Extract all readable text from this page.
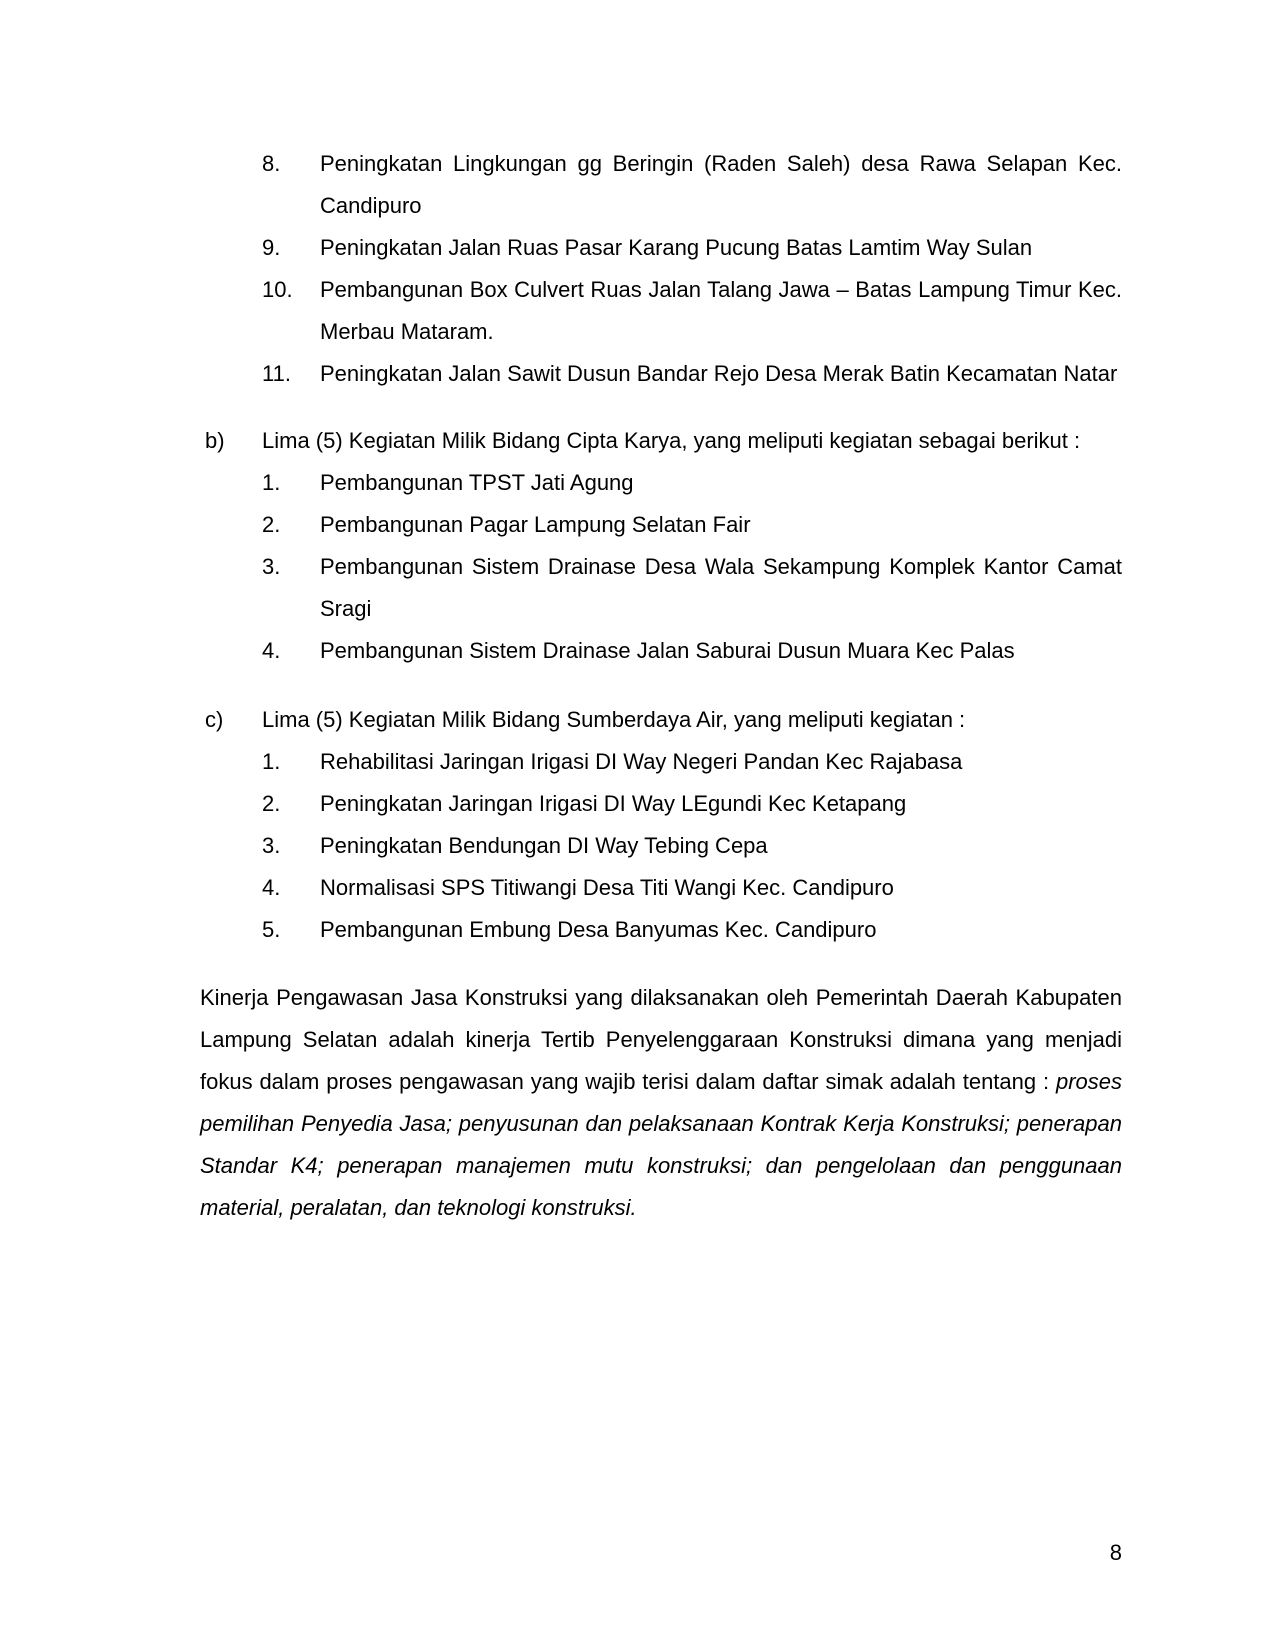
8.	Peningkatan Lingkungan gg Beringin (Raden Saleh) desa Rawa Selapan Kec. Candipuro
9.	Peningkatan Jalan Ruas Pasar Karang Pucung Batas Lamtim Way Sulan
10.	Pembangunan Box Culvert Ruas Jalan Talang Jawa – Batas Lampung Timur Kec. Merbau Mataram.
11.	Peningkatan Jalan Sawit Dusun Bandar Rejo Desa Merak Batin Kecamatan Natar
b)	Lima (5) Kegiatan Milik Bidang Cipta Karya, yang meliputi kegiatan sebagai berikut :
1.	Pembangunan TPST Jati Agung
2.	Pembangunan Pagar Lampung Selatan Fair
3.	Pembangunan Sistem Drainase Desa Wala Sekampung Komplek Kantor Camat Sragi
4.	Pembangunan Sistem Drainase Jalan Saburai Dusun Muara Kec Palas
c)	Lima (5) Kegiatan Milik Bidang Sumberdaya Air, yang meliputi kegiatan :
1.	Rehabilitasi Jaringan Irigasi DI Way Negeri Pandan Kec Rajabasa
2.	Peningkatan Jaringan Irigasi DI Way LEgundi Kec Ketapang
3.	Peningkatan Bendungan DI Way Tebing Cepa
4.	Normalisasi SPS Titiwangi Desa Titi Wangi Kec. Candipuro
5.	Pembangunan Embung Desa Banyumas Kec. Candipuro
Kinerja Pengawasan Jasa Konstruksi yang dilaksanakan oleh Pemerintah Daerah Kabupaten Lampung Selatan adalah kinerja Tertib Penyelenggaraan Konstruksi dimana yang menjadi fokus dalam proses pengawasan yang wajib terisi dalam daftar simak adalah tentang : proses pemilihan Penyedia Jasa; penyusunan dan pelaksanaan Kontrak Kerja Konstruksi; penerapan Standar K4; penerapan manajemen mutu konstruksi; dan pengelolaan dan penggunaan material, peralatan, dan teknologi konstruksi.
8
